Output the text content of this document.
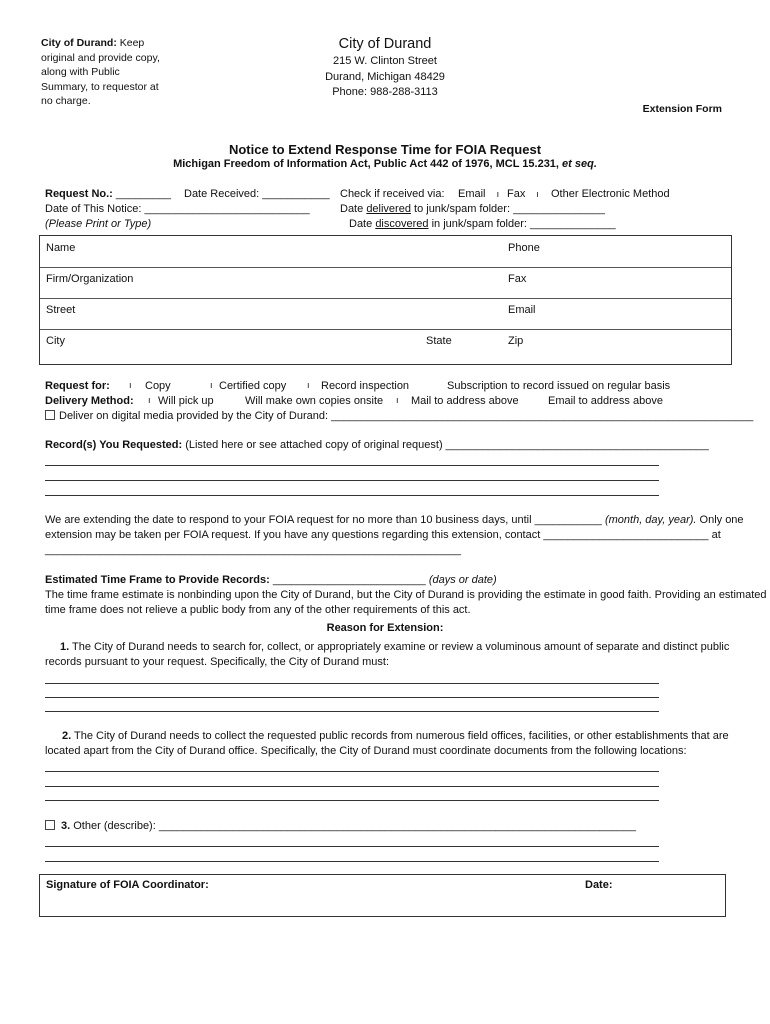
City of Durand: Keep
original and provide copy,
along with Public
Summary, to requestor at
no charge.
City of Durand
215 W. Clinton Street
Durand, Michigan 48429
Phone: 988-288-3113
Extension Form
Notice to Extend Response Time for FOIA Request
Michigan Freedom of Information Act, Public Act 442 of 1976, MCL 15.231, et seq.
Request No.: _________ Date Received: ___________
Date of This Notice: ___________________________
(Please Print or Type)
Check if received via: Email ı Fax ı Other Electronic Method
Date delivered to junk/spam folder: _______________
Date discovered in junk/spam folder: ______________
Name	Phone
Firm/Organization	Fax
Street	Email
City	State	Zip
Request for: ı Copy	ı Certified copy ı Record inspection	Subscription to record issued on regular basis
Delivery Method: ı Will pick up	Will make own copies onsite ı Mail to address above	Email to address above
Deliver on digital media provided by the City of Durand: _____________________________________________________________________
Record(s) You Requested: (Listed here or see attached copy of original request) ___________________________________________
We are extending the date to respond to your FOIA request for no more than 10 business days, until ___________ (month, day, year). Only one
extension may be taken per FOIA request. If you have any questions regarding this extension, contact ___________________________ at
____________________________________________________________________
Estimated Time Frame to Provide Records: _________________________ (days or date)
The time frame estimate is nonbinding upon the City of Durand, but the City of Durand is providing the estimate in good faith. Providing an estimated
time frame does not relieve a public body from any of the other requirements of this act.
Reason for Extension:
1. The City of Durand needs to search for, collect, or appropriately examine or review a voluminous amount of separate and distinct public
records pursuant to your request. Specifically, the City of Durand must:
2. The City of Durand needs to collect the requested public records from numerous field offices, facilities, or other establishments that are
located apart from the City of Durand office. Specifically, the City of Durand must coordinate documents from the following locations:
3. Other (describe): ______________________________________________________________________________
Signature of FOIA Coordinator:	Date:
